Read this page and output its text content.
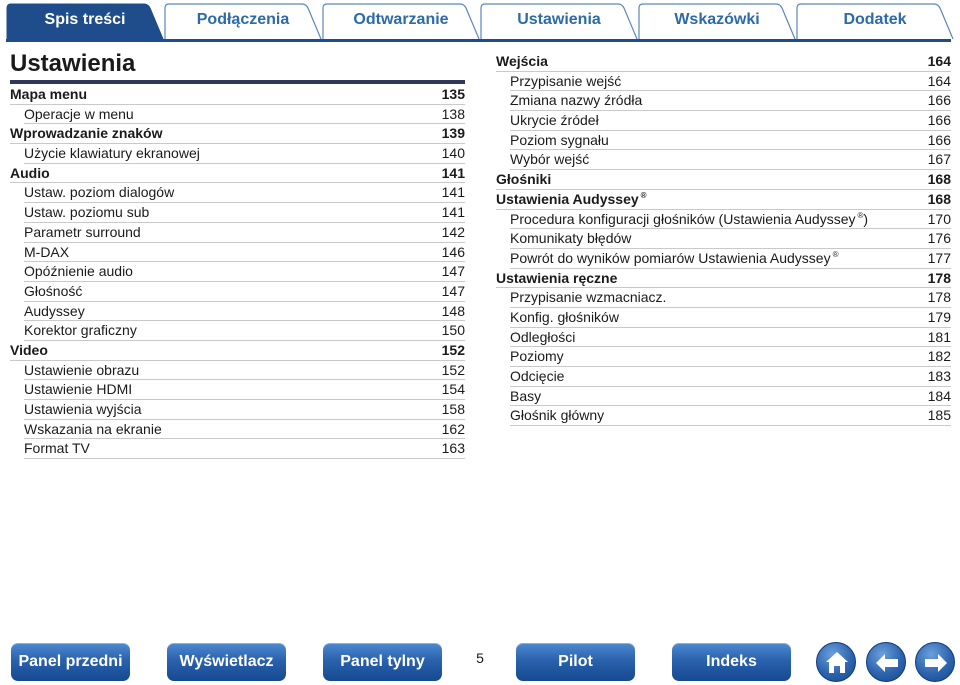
Spis treści	Podłączenia	Odtwarzanie	Ustawienia	Wskazówki	Dodatek
Ustawienia
Mapa menu	135
Operacje w menu	138
Wprowadzanie znaków	139
Użycie klawiatury ekranowej	140
Audio	141
Ustaw. poziom dialogów	141
Ustaw. poziomu sub	141
Parametr surround	142
M-DAX	146
Opóźnienie audio	147
Głośność	147
Audyssey	148
Korektor graficzny	150
Video	152
Ustawienie obrazu	152
Ustawienie HDMI	154
Ustawienia wyjścia	158
Wskazania na ekranie	162
Format TV	163
Wejścia	164
Przypisanie wejść	164
Zmiana nazwy źródła	166
Ukrycie źródeł	166
Poziom sygnału	166
Wybór wejść	167
Głośniki	168
Ustawienia Audyssey ®	168
Procedura konfiguracji głośników (Ustawienia Audyssey ®)	170
Komunikaty błędów	176
Powrót do wyników pomiarów Ustawienia Audyssey ®	177
Ustawienia ręczne	178
Przypisanie wzmacniacz.	178
Konfig. głośników	179
Odległości	181
Poziomy	182
Odcięcie	183
Basy	184
Głośnik główny	185
Panel przedni	Wyświetlacz	Panel tylny	5	Pilot	Indeks
